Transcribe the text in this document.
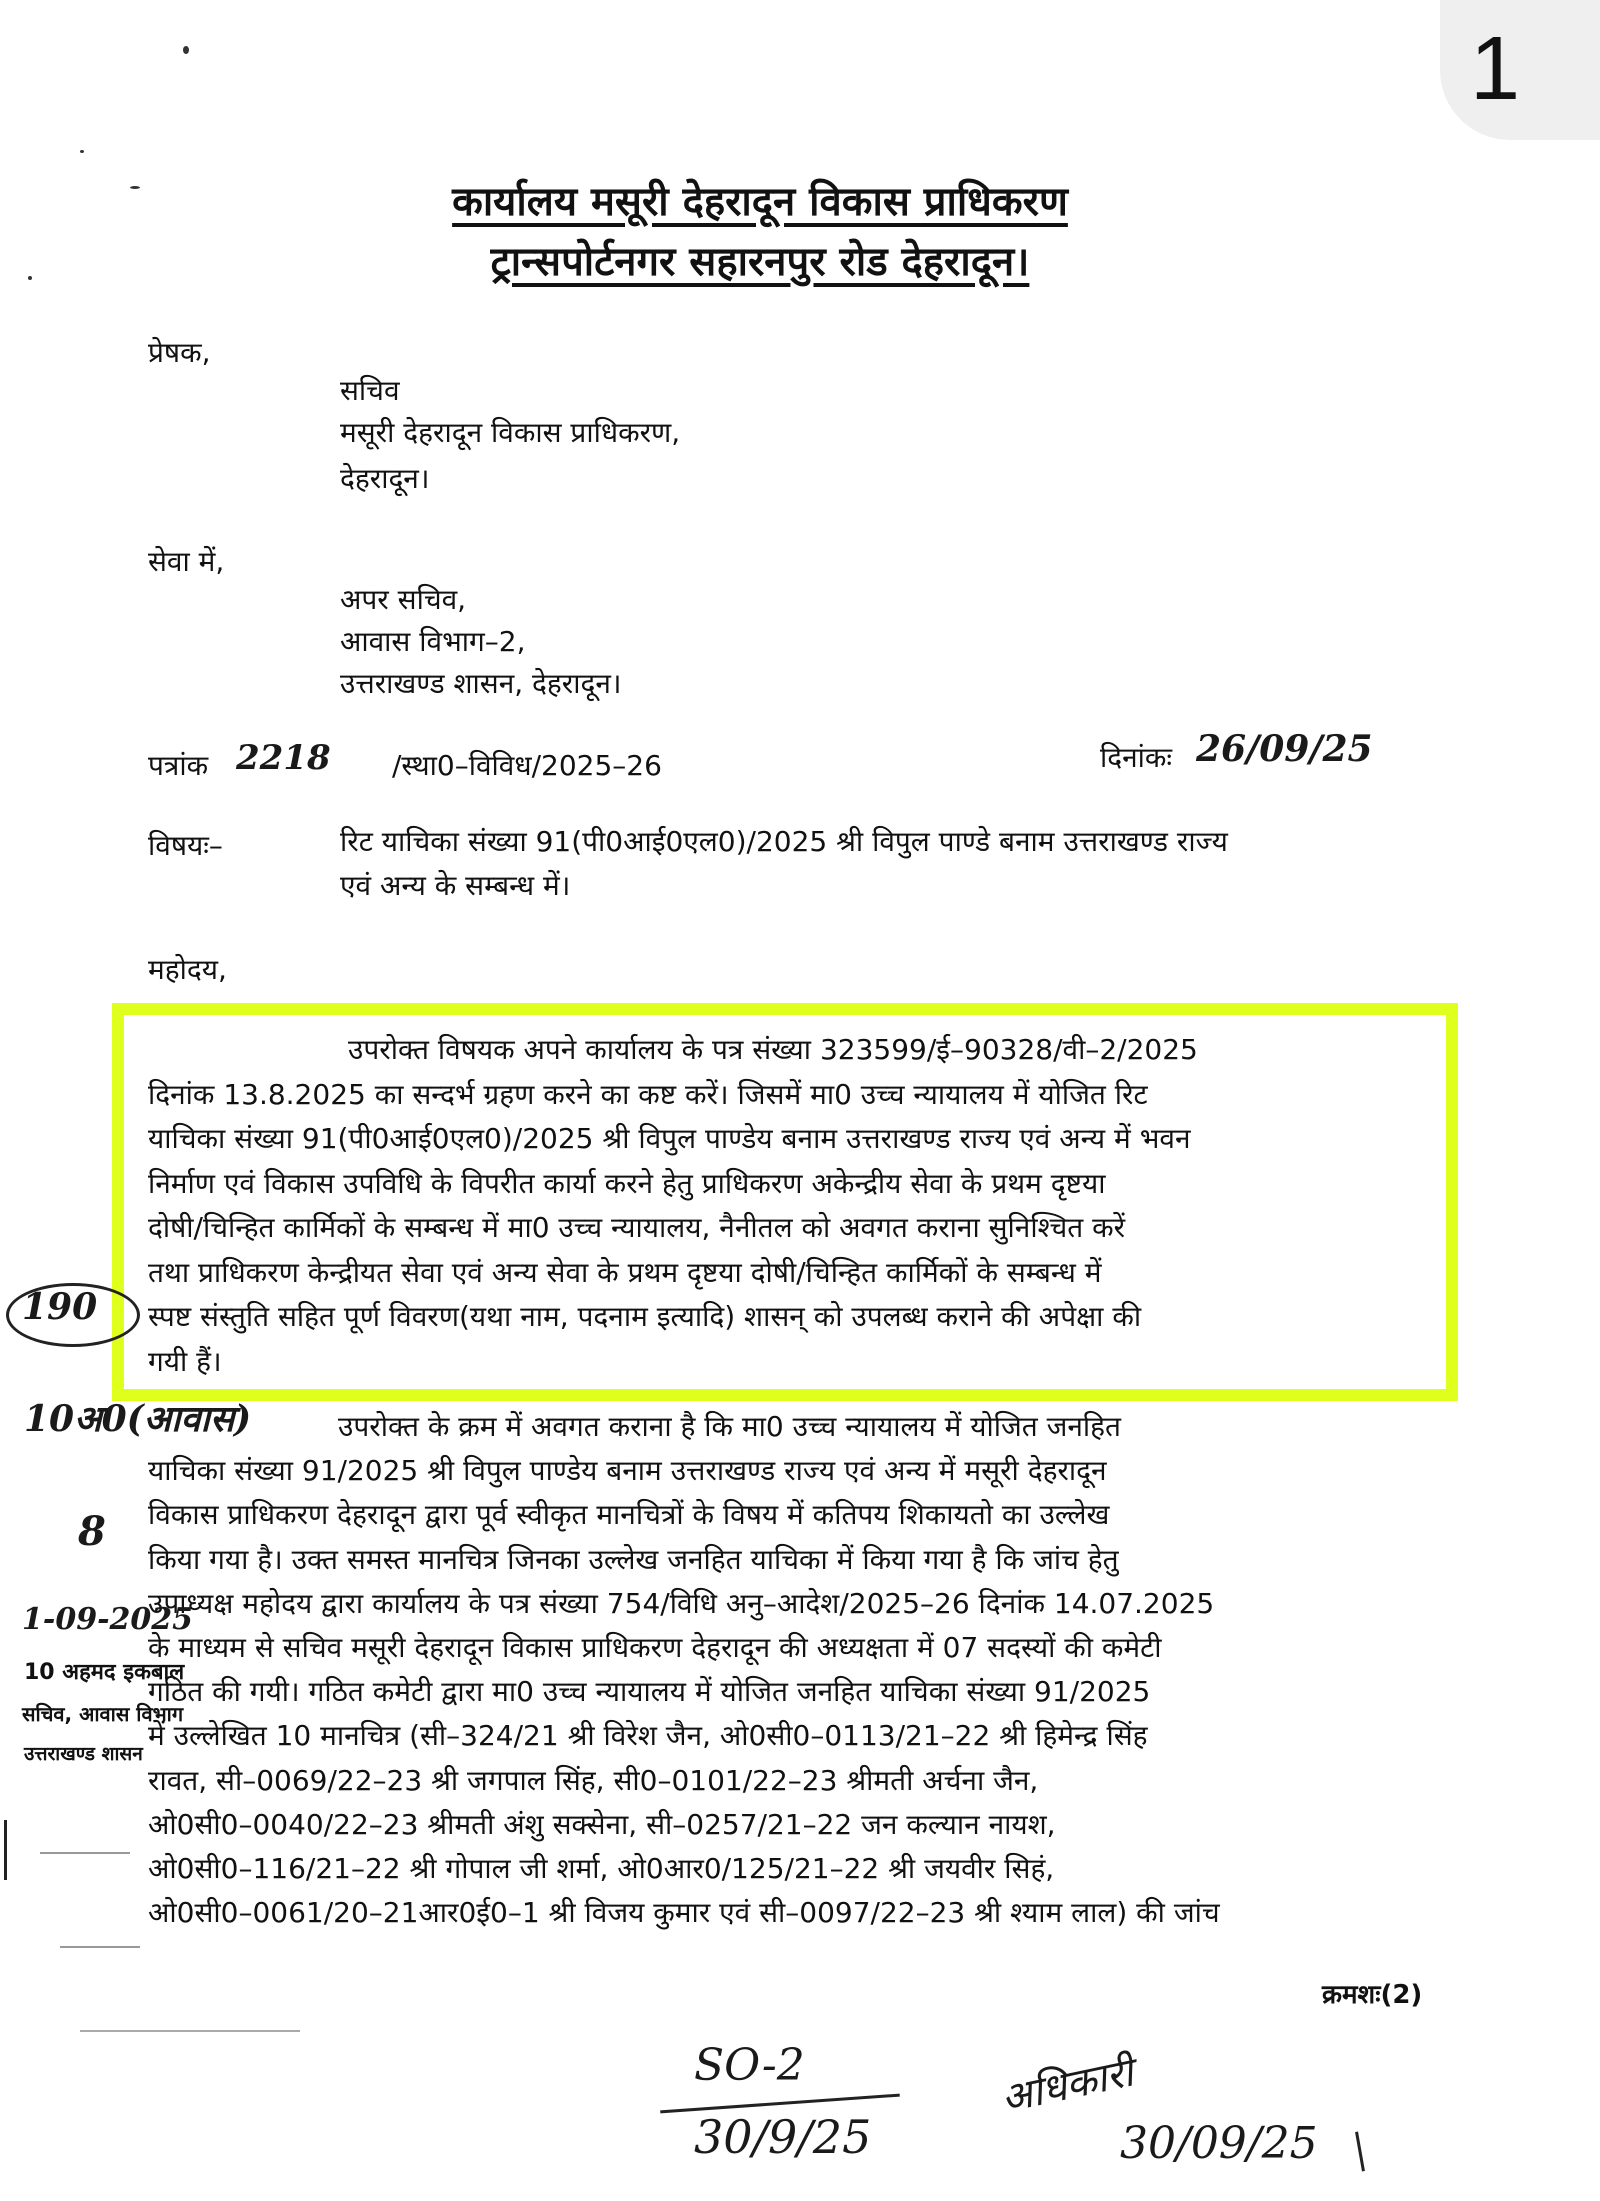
1
कार्यालय मसूरी देहरादून विकास प्राधिकरण
ट्रान्सपोर्टनगर सहारनपुर रोड देहरादून।
प्रेषक,
सचिव
मसूरी देहरादून विकास प्राधिकरण,
देहरादून।
सेवा में,
अपर सचिव,
आवास विभाग–2,
उत्तराखण्ड शासन, देहरादून।
पत्रांक 2218 /स्था0–विविध/2025–26	दिनांकः 26/09/25
विषयः–	रिट याचिका संख्या 91(पी0आई0एल0)/2025 श्री विपुल पाण्डे बनाम उत्तराखण्ड राज्य
एवं अन्य के सम्बन्ध में।
महोदय,
उपरोक्त विषयक अपने कार्यालय के पत्र संख्या 323599/ई–90328/वी–2/2025
दिनांक 13.8.2025 का सन्दर्भ ग्रहण करने का कष्ट करें। जिसमें मा0 उच्च न्यायालय में योजित रिट
याचिका संख्या 91(पी0आई0एल0)/2025 श्री विपुल पाण्डेय बनाम उत्तराखण्ड राज्य एवं अन्य में भवन
निर्माण एवं विकास उपविधि के विपरीत कार्या करने हेतु प्राधिकरण अकेन्द्रीय सेवा के प्रथम दृष्टया
दोषी/चिन्हित कार्मिकों के सम्बन्ध में मा0 उच्च न्यायालय, नैनीतल को अवगत कराना सुनिश्चित करें
तथा प्राधिकरण केन्द्रीयत सेवा एवं अन्य सेवा के प्रथम दृष्टया दोषी/चिन्हित कार्मिकों के सम्बन्ध में
स्पष्ट संस्तुति सहित पूर्ण विवरण(यथा नाम, पदनाम इत्यादि) शासन् को उपलब्ध कराने की अपेक्षा की
गयी हैं।
उपरोक्त के क्रम में अवगत कराना है कि मा0 उच्च न्यायालय में योजित जनहित
याचिका संख्या 91/2025 श्री विपुल पाण्डेय बनाम उत्तराखण्ड राज्य एवं अन्य में मसूरी देहरादून
विकास प्राधिकरण देहरादून द्वारा पूर्व स्वीकृत मानचित्रों के विषय में कतिपय शिकायतो का उल्लेख
किया गया है। उक्त समस्त मानचित्र जिनका उल्लेख जनहित याचिका में किया गया है कि जांच हेतु
उपाध्यक्ष महोदय द्वारा कार्यालय के पत्र संख्या 754/विधि अनु–आदेश/2025–26 दिनांक 14.07.2025
के माध्यम से सचिव मसूरी देहरादून विकास प्राधिकरण देहरादून की अध्यक्षता में 07 सदस्यों की कमेटी
गठित की गयी। गठित कमेटी द्वारा मा0 उच्च न्यायालय में योजित जनहित याचिका संख्या 91/2025
में उल्लेखित 10 मानचित्र (सी–324/21 श्री विरेश जैन, ओ0सी0–0113/21–22 श्री हिमेन्द्र सिंह
रावत, सी–0069/22–23 श्री जगपाल सिंह, सी0–0101/22–23 श्रीमती अर्चना जैन,
ओ0सी0–0040/22–23 श्रीमती अंशु सक्सेना, सी–0257/21–22 जन कल्यान नायश,
ओ0सी0–116/21–22 श्री गोपाल जी शर्मा, ओ0आर0/125/21–22 श्री जयवीर सिहं,
ओ0सी0–0061/20–21आर0ई0–1 श्री विजय कुमार एवं सी–0097/22–23 श्री श्याम लाल) की जांच
क्रमशः(2)
190
10अ0(आवास)
8
1-09-2025
10 अहमद इकबाल
सचिव, आवास विभाग
उत्तराखण्ड शासन
SO-2
30/9/25
अधिकारी
30/09/25
